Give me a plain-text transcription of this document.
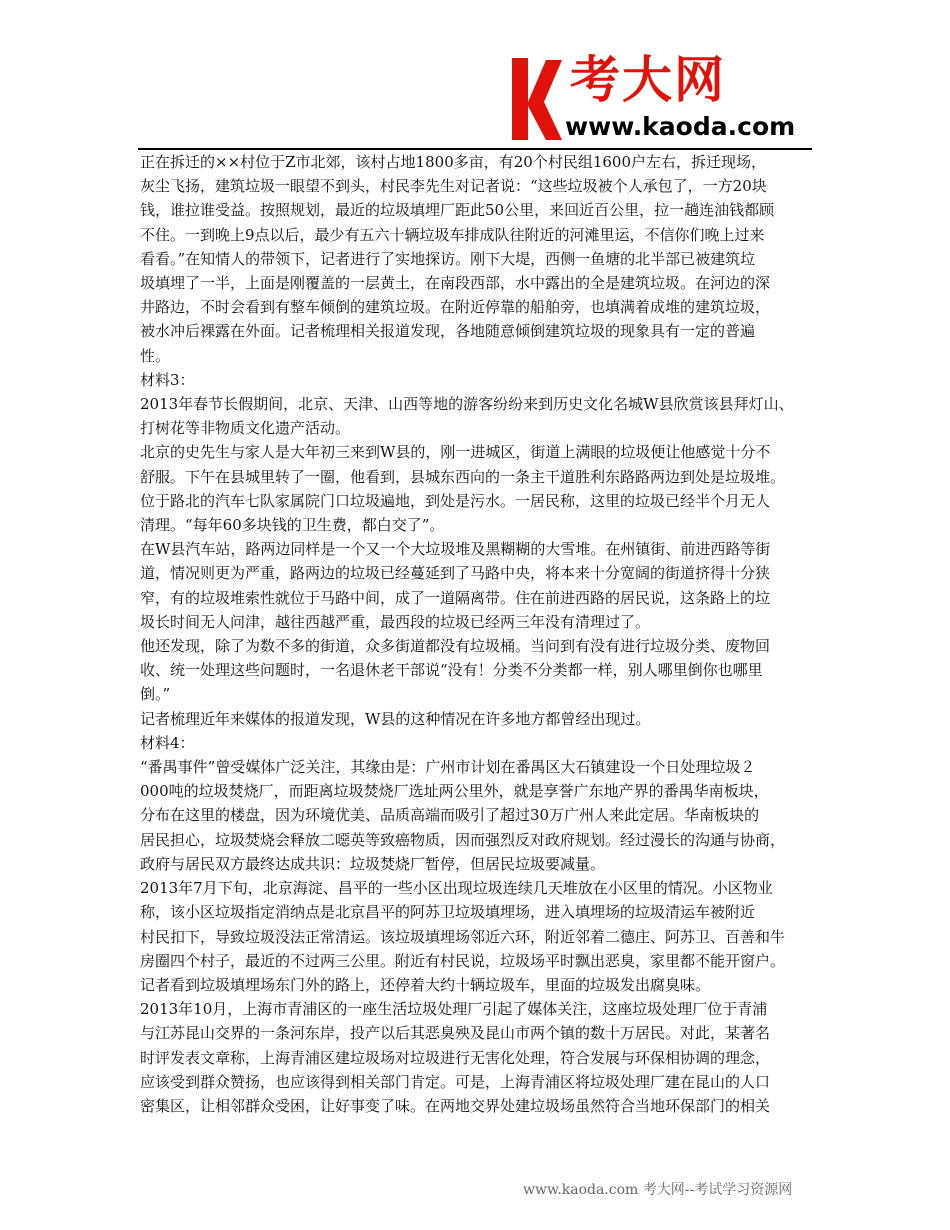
考大网
www.kaoda.com

正在拆迁的××村位于Z市北郊，该村占地1800多亩，有20个村民组1600户左右，拆迁现场，

灰尘飞扬，建筑垃圾一眼望不到头，村民李先生对记者说：“这些垃圾被个人承包了，一方20块

钱，谁拉谁受益。按照规划，最近的垃圾填埋厂距此50公里，来回近百公里，拉一趟连油钱都顾

不住。一到晚上9点以后，最少有五六十辆垃圾车排成队往附近的河滩里运，不信你们晚上过来

看看。”在知情人的带领下，记者进行了实地探访。刚下大堤，西侧一鱼塘的北半部已被建筑垃

圾填埋了一半，上面是刚覆盖的一层黄土，在南段西部，水中露出的全是建筑垃圾。在河边的深

井路边，不时会看到有整车倾倒的建筑垃圾。在附近停靠的船舶旁，也填满着成堆的建筑垃圾，

被水冲后裸露在外面。记者梳理相关报道发现，各地随意倾倒建筑垃圾的现象具有一定的普遍

性。

材料3：

2013年春节长假期间，北京、天津、山西等地的游客纷纷来到历史文化名城W县欣赏该县拜灯山、

打树花等非物质文化遗产活动。

北京的史先生与家人是大年初三来到W县的，刚一进城区，街道上满眼的垃圾便让他感觉十分不

舒服。下午在县城里转了一圈，他看到，县城东西向的一条主干道胜利东路路两边到处是垃圾堆。

位于路北的汽车七队家属院门口垃圾遍地，到处是污水。一居民称，这里的垃圾已经半个月无人

清理。“每年60多块钱的卫生费，都白交了”。

在W县汽车站，路两边同样是一个又一个大垃圾堆及黑糊糊的大雪堆。在州镇街、前进西路等街

道，情况则更为严重，路两边的垃圾已经蔓延到了马路中央，将本来十分宽阔的街道挤得十分狭

窄，有的垃圾堆索性就位于马路中间，成了一道隔离带。住在前进西路的居民说，这条路上的垃

圾长时间无人问津，越往西越严重，最西段的垃圾已经两三年没有清理过了。

他还发现，除了为数不多的街道，众多街道都没有垃圾桶。当问到有没有进行垃圾分类、废物回

收、统一处理这些问题时，一名退休老干部说“没有！分类不分类都一样，别人哪里倒你也哪里

倒。”

记者梳理近年来媒体的报道发现，W县的这种情况在许多地方都曾经出现过。

材料4：

“番禺事件”曾受媒体广泛关注，其缘由是：广州市计划在番禺区大石镇建设一个日处理垃圾２

000吨的垃圾焚烧厂，而距离垃圾焚烧厂选址两公里外，就是享誉广东地产界的番禺华南板块，

分布在这里的楼盘，因为环境优美、品质高端而吸引了超过30万广州人来此定居。华南板块的

居民担心，垃圾焚烧会释放二噁英等致癌物质，因而强烈反对政府规划。经过漫长的沟通与协商，

政府与居民双方最终达成共识：垃圾焚烧厂暂停，但居民垃圾要减量。

2013年7月下旬，北京海淀、昌平的一些小区出现垃圾连续几天堆放在小区里的情况。小区物业

称，该小区垃圾指定消纳点是北京昌平的阿苏卫垃圾填埋场，进入填埋场的垃圾清运车被附近

村民扣下，导致垃圾没法正常清运。该垃圾填埋场邻近六环，附近邻着二德庄、阿苏卫、百善和牛

房圈四个村子，最近的不过两三公里。附近有村民说，垃圾场平时飘出恶臭，家里都不能开窗户。

记者看到垃圾填埋场东门外的路上，还停着大约十辆垃圾车，里面的垃圾发出腐臭味。

2013年10月，上海市青浦区的一座生活垃圾处理厂引起了媒体关注，这座垃圾处理厂位于青浦

与江苏昆山交界的一条河东岸，投产以后其恶臭殃及昆山市两个镇的数十万居民。对此，某著名

时评发表文章称，上海青浦区建垃圾场对垃圾进行无害化处理，符合发展与环保相协调的理念，

应该受到群众赞扬，也应该得到相关部门肯定。可是，上海青浦区将垃圾处理厂建在昆山的人口

密集区，让相邻群众受困，让好事变了味。在两地交界处建垃圾场虽然符合当地环保部门的相关

www.kaoda.com 考大网--考试学习资源网
